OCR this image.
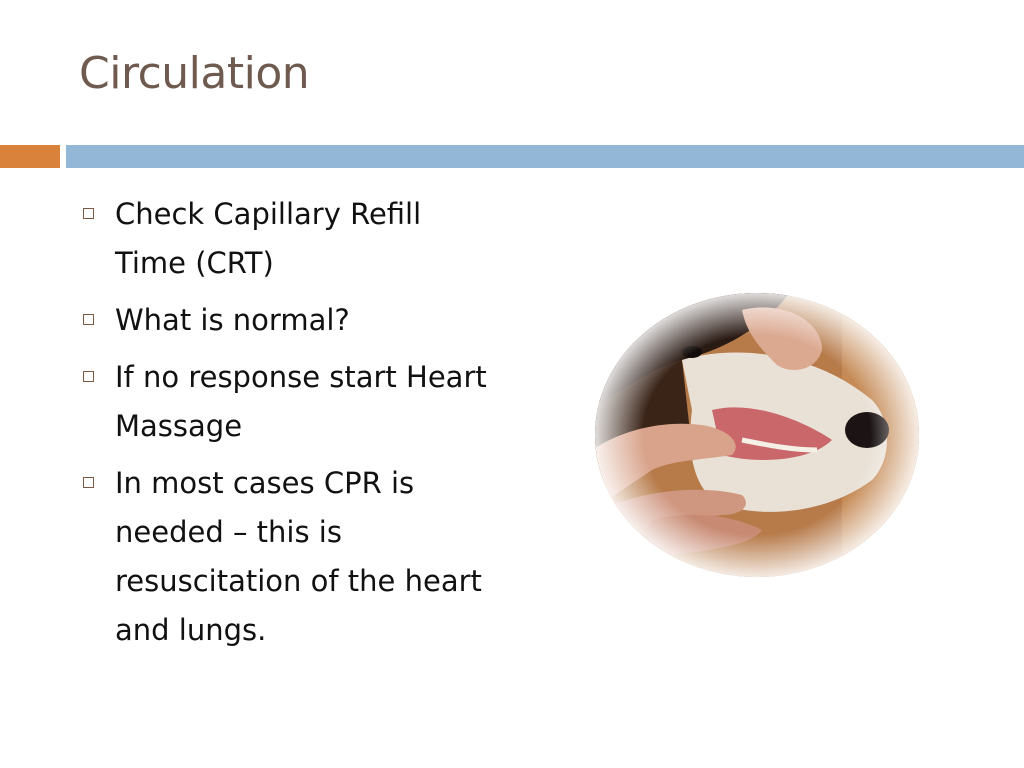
Circulation
Check Capillary Refill Time (CRT)
What is normal?
If no response start Heart Massage
In most cases CPR is needed – this is resuscitation of the heart and lungs.
